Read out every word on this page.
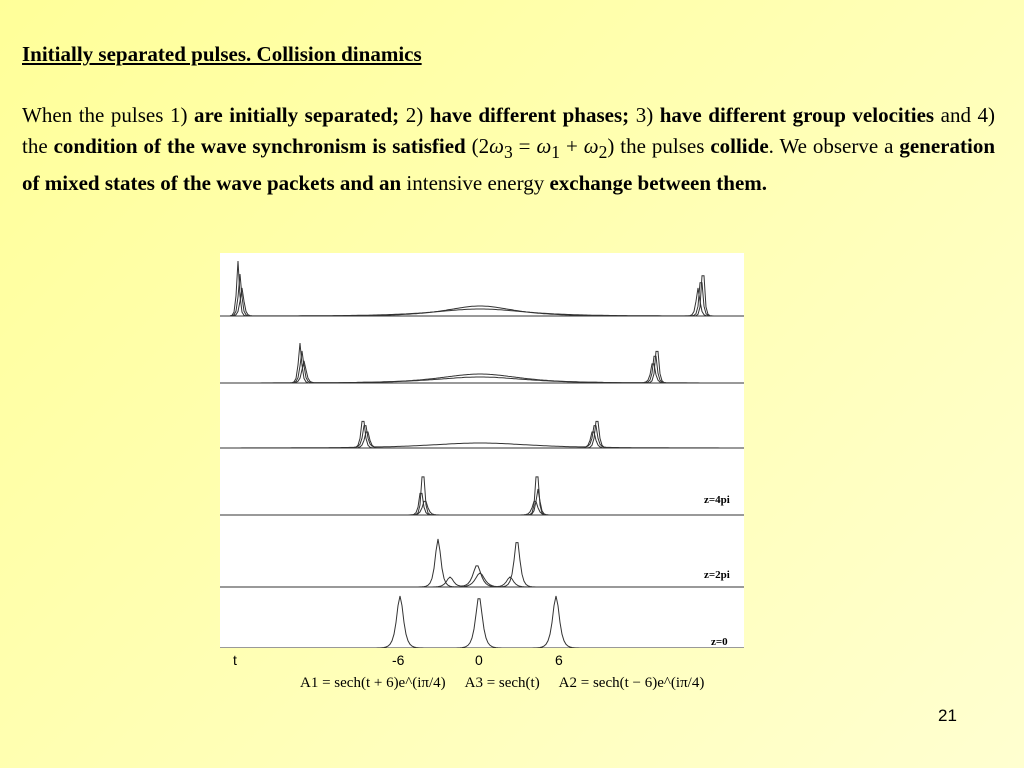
Initially separated pulses. Collision dinamics

When the pulses 1) are initially separated; 2) have different phases; 3) have different group velocities and 4) the condition of the wave synchronism is satisfied $(2\omega_3 = \omega_1 + \omega_2)$ the pulses collide. We observe a generation of mixed states of the wave packets and an intensive energy exchange between them.

z=4pi
z=2pi
z=0
t	-6	0	6
A1 = sech(t + 6)e^(iπ/4) A3 = sech(t) A2 = sech(t − 6)e^(iπ/4)
21
